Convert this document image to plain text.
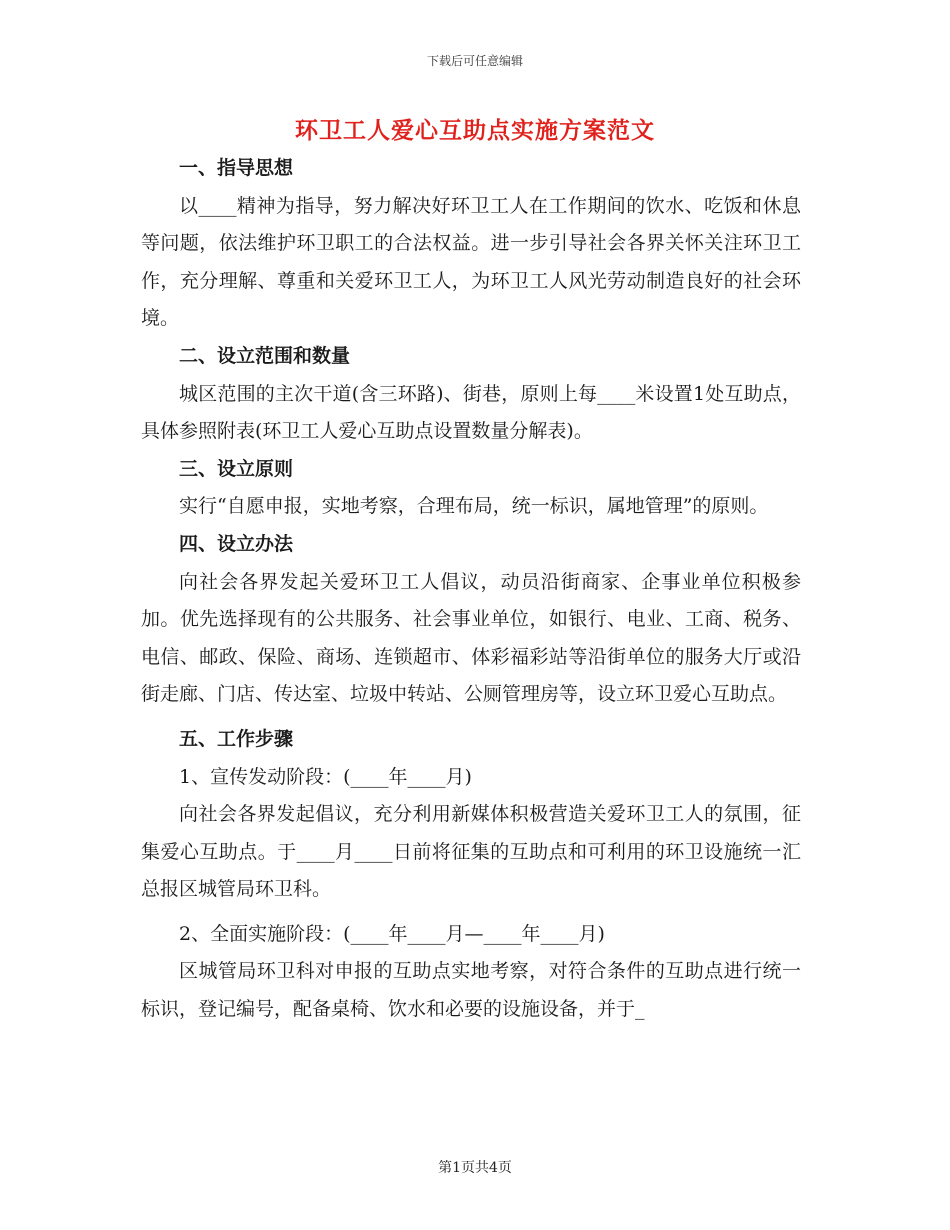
下载后可任意编辑
环卫工人爱心互助点实施方案范文
一、指导思想

以____精神为指导，努力解决好环卫工人在工作期间的饮水、吃饭和休息等问题，依法维护环卫职工的合法权益。进一步引导社会各界关怀关注环卫工作，充分理解、尊重和关爱环卫工人，为环卫工人风光劳动制造良好的社会环境。

二、设立范围和数量

城区范围的主次干道(含三环路)、街巷，原则上每____米设置1处互助点，具体参照附表(环卫工人爱心互助点设置数量分解表)。

三、设立原则

实行“自愿申报，实地考察，合理布局，统一标识，属地管理”的原则。

四、设立办法

向社会各界发起关爱环卫工人倡议，动员沿街商家、企事业单位积极参加。优先选择现有的公共服务、社会事业单位，如银行、电业、工商、税务、电信、邮政、保险、商场、连锁超市、体彩福彩站等沿街单位的服务大厅或沿街走廊、门店、传达室、垃圾中转站、公厕管理房等，设立环卫爱心互助点。

五、工作步骤

1、宣传发动阶段：(____年____月)

向社会各界发起倡议，充分利用新媒体积极营造关爱环卫工人的氛围，征集爱心互助点。于____月____日前将征集的互助点和可利用的环卫设施统一汇总报区城管局环卫科。

2、全面实施阶段：(____年____月—____年____月)

区城管局环卫科对申报的互助点实地考察，对符合条件的互助点进行统一标识，登记编号，配备桌椅、饮水和必要的设施设备，并于_

第1页共4页
